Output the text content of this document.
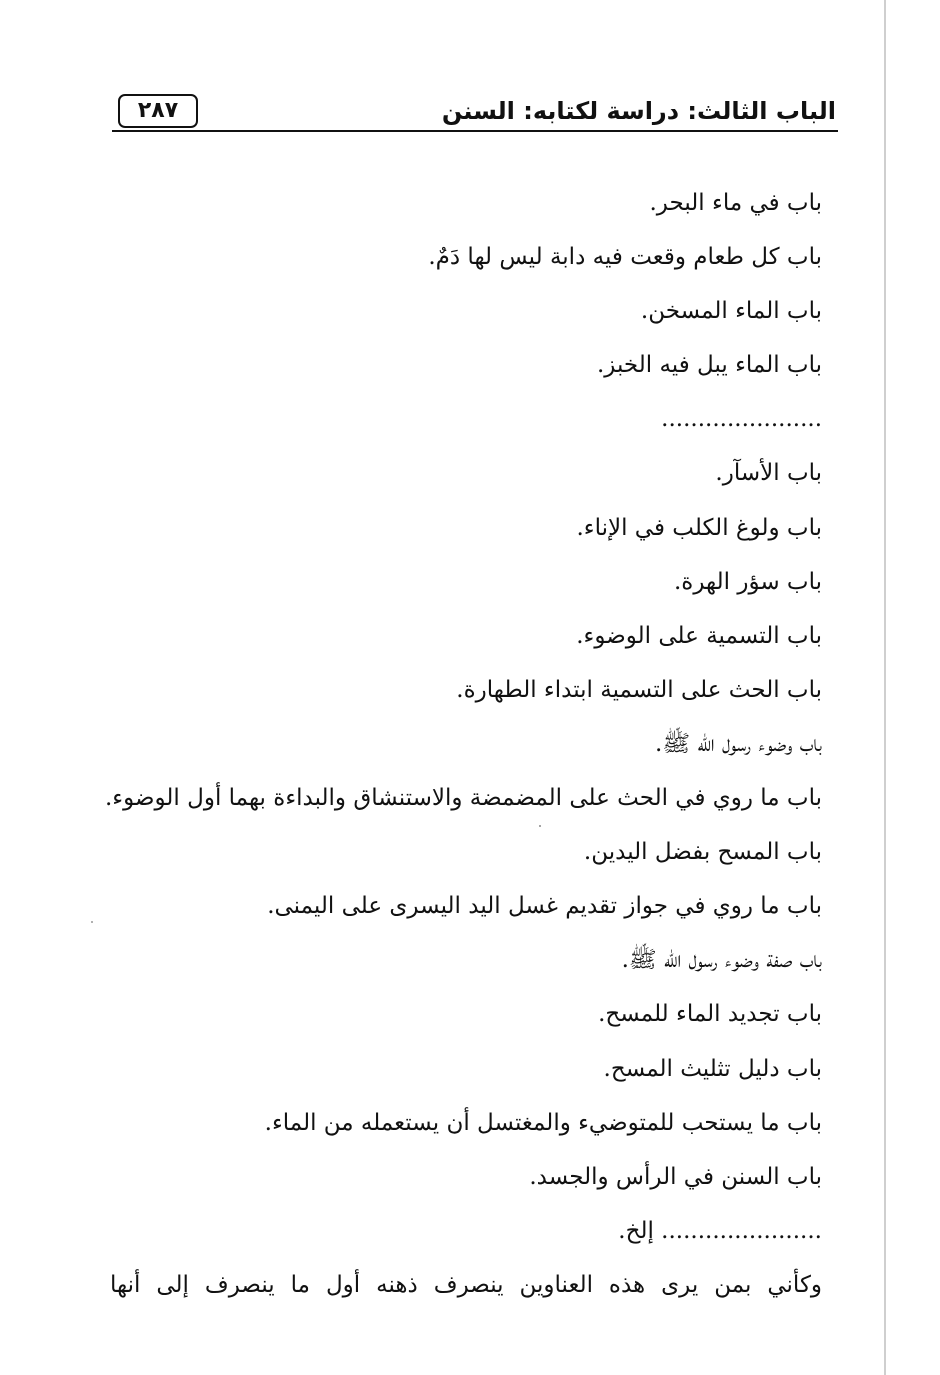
الباب الثالث: دراسة لكتابه: السنن
٢٨٧
باب في ماء البحر.
باب كل طعام وقعت فيه دابة ليس لها دَمٌ.
باب الماء المسخن.
باب الماء يبل فيه الخبز.
......................
باب الأسآر.
باب ولوغ الكلب في الإناء.
باب سؤر الهرة.
باب التسمية على الوضوء.
باب الحث على التسمية ابتداء الطهارة.
باب وضوء رسول الله ﷺ.
باب ما روي في الحث على المضمضة والاستنشاق والبداءة بهما أول الوضوء.
باب المسح بفضل اليدين.
باب ما روي في جواز تقديم غسل اليد اليسرى على اليمنى.
باب صفة وضوء رسول الله ﷺ.
باب تجديد الماء للمسح.
باب دليل تثليث المسح.
باب ما يستحب للمتوضيء والمغتسل أن يستعمله من الماء.
باب السنن في الرأس والجسد.
...................... إلخ.
وكأني بمن يرى هذه العناوين ينصرف ذهنه أول ما ينصرف إلى أنها
